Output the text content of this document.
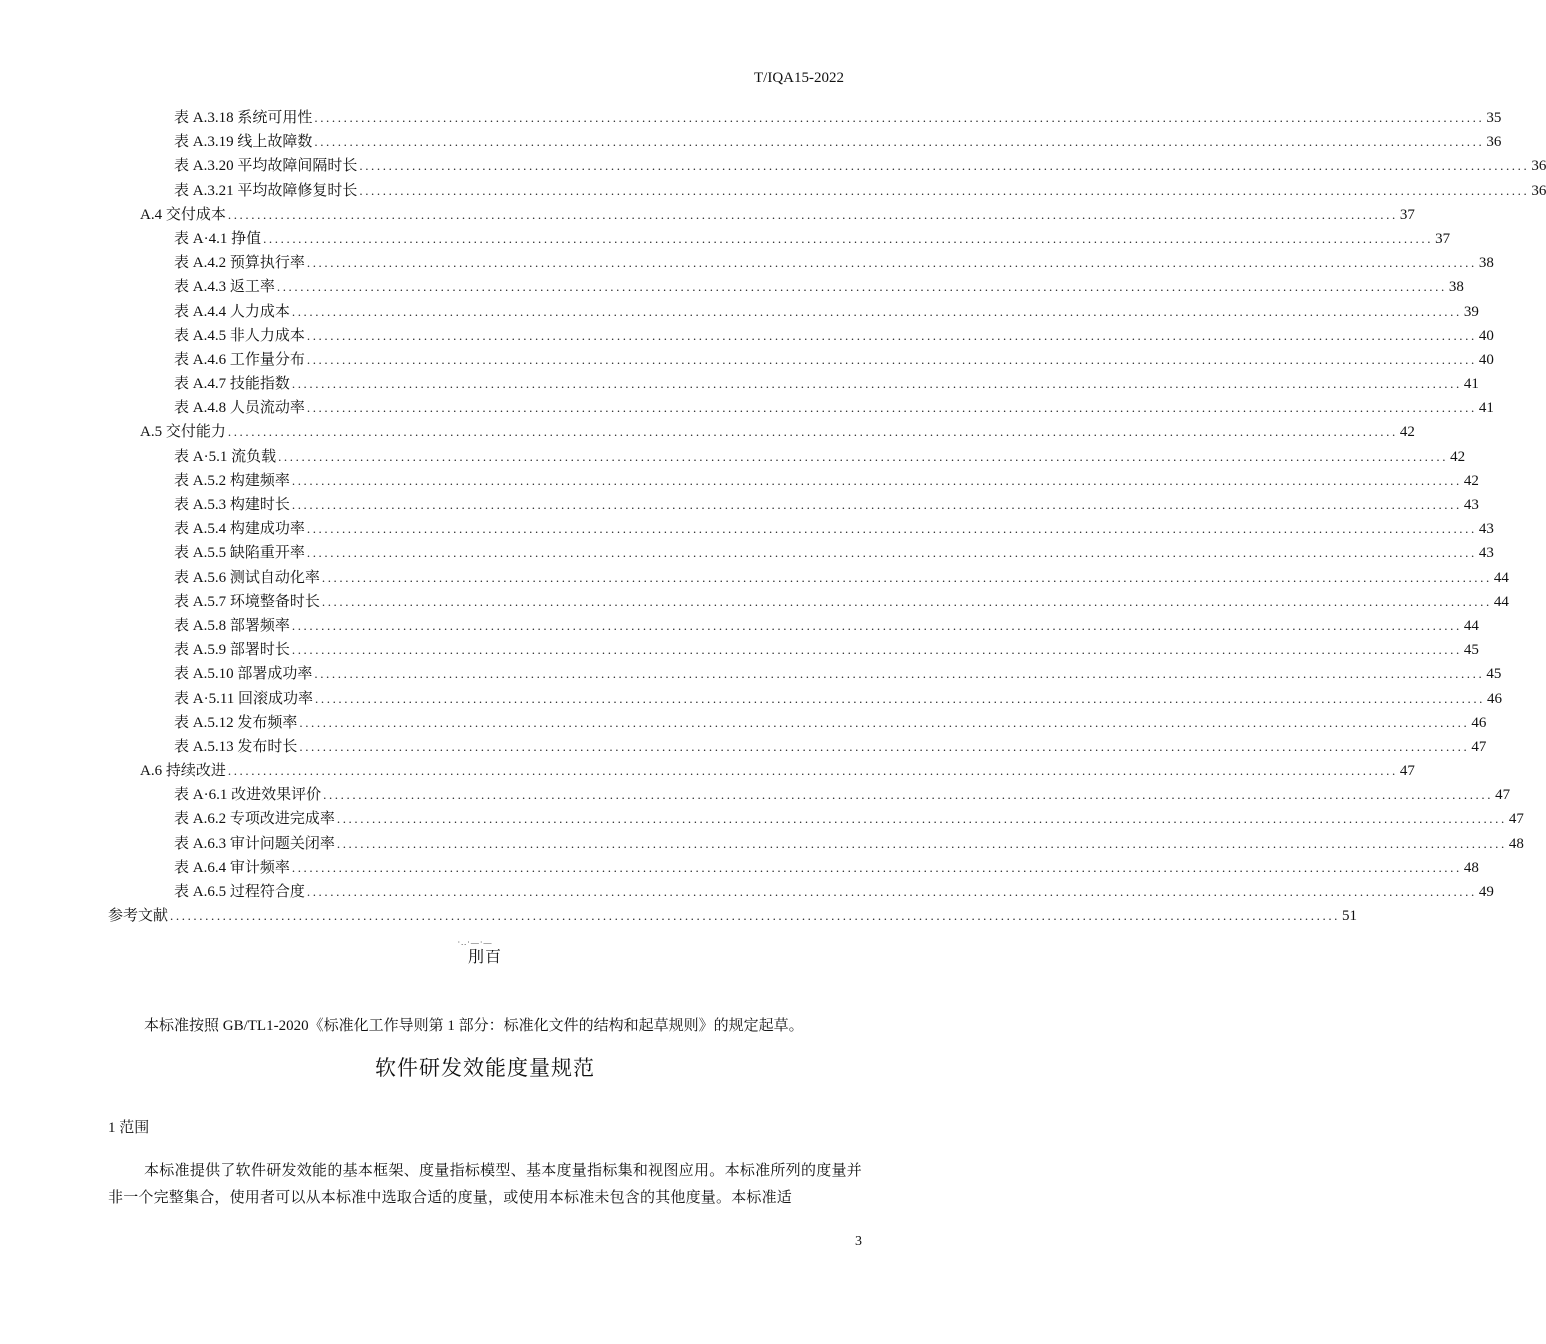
T/IQA15-2022
表 A.3.18 系统可用性 ........................................................................................................................................................................................................ 35
表 A.3.19 线上故障数 ........................................................................................................................................................................................................ 36
表 A.3.20 平均故障间隔时长 ........................................................................................................................................................................................................ 36
表 A.3.21 平均故障修复时长 ........................................................................................................................................................................................................ 36
A.4 交付成本 ........................................................................................................................................................................................................ 37
表 A·4.1 挣值 ........................................................................................................................................................................................................ 37
表 A.4.2 预算执行率 ........................................................................................................................................................................................................ 38
表 A.4.3 返工率 ........................................................................................................................................................................................................ 38
表 A.4.4 人力成本 ........................................................................................................................................................................................................ 39
表 A.4.5 非人力成本 ........................................................................................................................................................................................................ 40
表 A.4.6 工作量分布 ........................................................................................................................................................................................................ 40
表 A.4.7 技能指数 ........................................................................................................................................................................................................ 41
表 A.4.8 人员流动率 ........................................................................................................................................................................................................ 41
A.5 交付能力 ........................................................................................................................................................................................................ 42
表 A·5.1 流负载 ........................................................................................................................................................................................................ 42
表 A.5.2 构建频率 ........................................................................................................................................................................................................ 42
表 A.5.3 构建时长 ........................................................................................................................................................................................................ 43
表 A.5.4 构建成功率 ........................................................................................................................................................................................................ 43
表 A.5.5 缺陷重开率 ........................................................................................................................................................................................................ 43
表 A.5.6 测试自动化率 ........................................................................................................................................................................................................ 44
表 A.5.7 环境整备时长 ........................................................................................................................................................................................................ 44
表 A.5.8 部署频率 ........................................................................................................................................................................................................ 44
表 A.5.9 部署时长 ........................................................................................................................................................................................................ 45
表 A.5.10 部署成功率 ........................................................................................................................................................................................................ 45
表 A·5.11 回滚成功率 ........................................................................................................................................................................................................ 46
表 A.5.12 发布频率 ........................................................................................................................................................................................................ 46
表 A.5.13 发布时长 ........................................................................................................................................................................................................ 47
A.6 持续改进 ........................................................................................................................................................................................................ 47
表 A·6.1 改进效果评价 ........................................................................................................................................................................................................ 47
表 A.6.2 专项改进完成率 ........................................................................................................................................................................................................ 47
表 A.6.3 审计问题关闭率 ........................................................................................................................................................................................................ 48
表 A.6.4 审计频率 ........................................................................................................................................................................................................ 48
表 A.6.5 过程符合度 ........................................................................................................................................................................................................ 49
参考文献 ........................................................................................................................................................................................................ 51
·..·—·—
刖百
本标准按照 GB/TL1-2020《标准化工作导则第 1 部分：标准化文件的结构和起草规则》的规定起草。
软件研发效能度量规范
1 范围
本标准提供了软件研发效能的基本框架、度量指标模型、基本度量指标集和视图应用。本标准所列的度量并非一个完整集合，使用者可以从本标准中选取合适的度量，或使用本标准未包含的其他度量。本标准适
3
